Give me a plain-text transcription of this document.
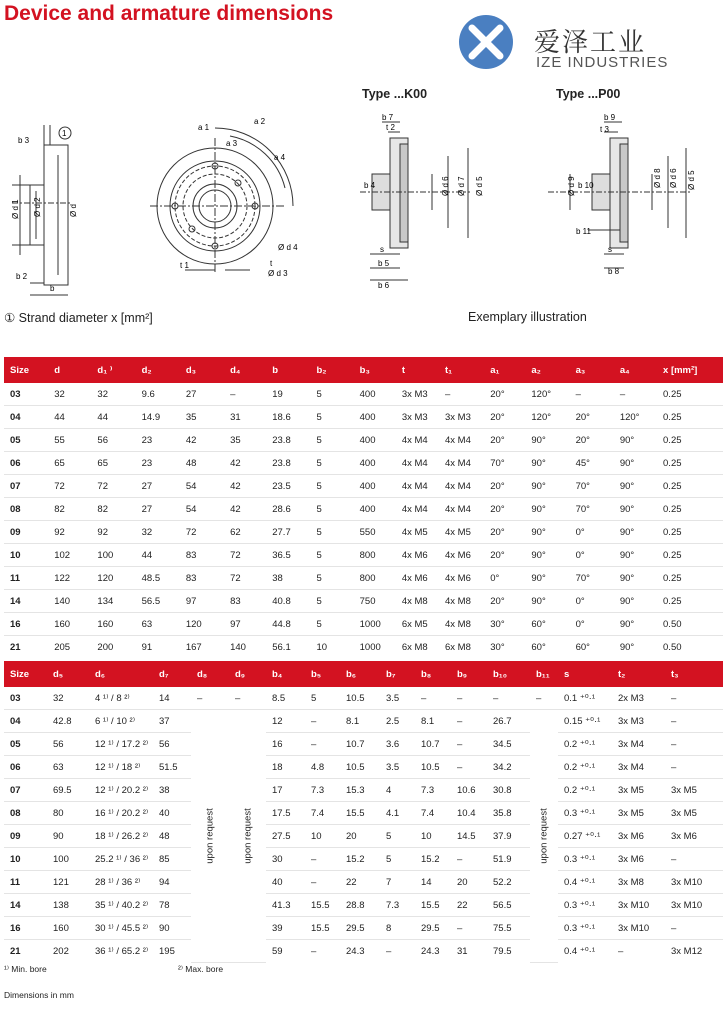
Device and armature dimensions
爱泽工业
IZE INDUSTRIES
Type ...K00	Type ...P00
b 3
Ø d 1 Ø d 2	Ø d
b 2
b
1
a 1
a 2
a 3
a 4
t 1	t
Ø d 4
Ø d 3
b 7
t 2
b 4	Ø d 6 Ø d 7 Ø d 5
s
b 5
b 6
b 9
t 3
Ø d 9 b 10	Ø d 8 Ø d 6 Ø d 5
b 11
s
b 8
① Strand diameter x [mm²]	Exemplary illustration
Size	d	d₁ ⁾	d₂	d₃	d₄	b	b₂	b₃	t	t₁	a₁	a₂	a₃	a₄	x [mm²]
03	32	32	9.6	27	–	19	5	400	3x M3	–	20°	120°	–	–	0.25
04	44	44	14.9	35	31	18.6	5	400	3x M3	3x M3	20°	120°	20°	120°	0.25
05	55	56	23	42	35	23.8	5	400	4x M4	4x M4	20°	90°	20°	90°	0.25
06	65	65	23	48	42	23.8	5	400	4x M4	4x M4	70°	90°	45°	90°	0.25
07	72	72	27	54	42	23.5	5	400	4x M4	4x M4	20°	90°	70°	90°	0.25
08	82	82	27	54	42	28.6	5	400	4x M4	4x M4	20°	90°	70°	90°	0.25
09	92	92	32	72	62	27.7	5	550	4x M5	4x M5	20°	90°	0°	90°	0.25
10	102	100	44	83	72	36.5	5	800	4x M6	4x M6	20°	90°	0°	90°	0.25
11	122	120	48.5	83	72	38	5	800	4x M6	4x M6	0°	90°	70°	90°	0.25
14	140	134	56.5	97	83	40.8	5	750	4x M8	4x M8	20°	90°	0°	90°	0.25
16	160	160	63	120	97	44.8	5	1000	6x M5	4x M8	30°	60°	0°	90°	0.50
21	205	200	91	167	140	56.1	10	1000	6x M8	6x M8	30°	60°	60°	90°	0.50
Size	d₅	d₆	d₇	d₈	d₉	b₄	b₅	b₆	b₇	b₈	b₉	b₁₀	b₁₁	s	t₂	t₃
03	32	4 ¹⁾ / 8 ²⁾	14	–	–	8.5	5	10.5	3.5	–	–	–	–	0.1 ⁺⁰·¹	2x M3	–
04	42.8	6 ¹⁾ / 10 ²⁾	37	upon request	upon request	12	–	8.1	2.5	8.1	–	26.7	upon request	0.15 ⁺⁰·¹	3x M3	–
05	56	12 ¹⁾ / 17.2 ²⁾	56			16	–	10.7	3.6	10.7	–	34.5		0.2 ⁺⁰·¹	3x M4	–
06	63	12 ¹⁾ / 18 ²⁾	51.5			18	4.8	10.5	3.5	10.5	–	34.2		0.2 ⁺⁰·¹	3x M4	–
07	69.5	12 ¹⁾ / 20.2 ²⁾	38			17	7.3	15.3	4	7.3	10.6	30.8		0.2 ⁺⁰·¹	3x M5	3x M5
08	80	16 ¹⁾ / 20.2 ²⁾	40			17.5	7.4	15.5	4.1	7.4	10.4	35.8		0.3 ⁺⁰·¹	3x M5	3x M5
09	90	18 ¹⁾ / 26.2 ²⁾	48			27.5	10	20	5	10	14.5	37.9		0.27 ⁺⁰·¹	3x M6	3x M6
10	100	25.2 ¹⁾ / 36 ²⁾	85			30	–	15.2	5	15.2	–	51.9		0.3 ⁺⁰·¹	3x M6	–
11	121	28 ¹⁾ / 36 ²⁾	94			40	–	22	7	14	20	52.2		0.4 ⁺⁰·¹	3x M8	3x M10
14	138	35 ¹⁾ / 40.2 ²⁾	78			41.3	15.5	28.8	7.3	15.5	22	56.5		0.3 ⁺⁰·¹	3x M10	3x M10
16	160	30 ¹⁾ / 45.5 ²⁾	90			39	15.5	29.5	8	29.5	–	75.5		0.3 ⁺⁰·¹	3x M10	–
21	202	36 ¹⁾ / 65.2 ²⁾	195			59	–	24.3	–	24.3	31	79.5		0.4 ⁺⁰·¹	–	3x M12
¹⁾ Min. bore	²⁾ Max. bore
Dimensions in mm
